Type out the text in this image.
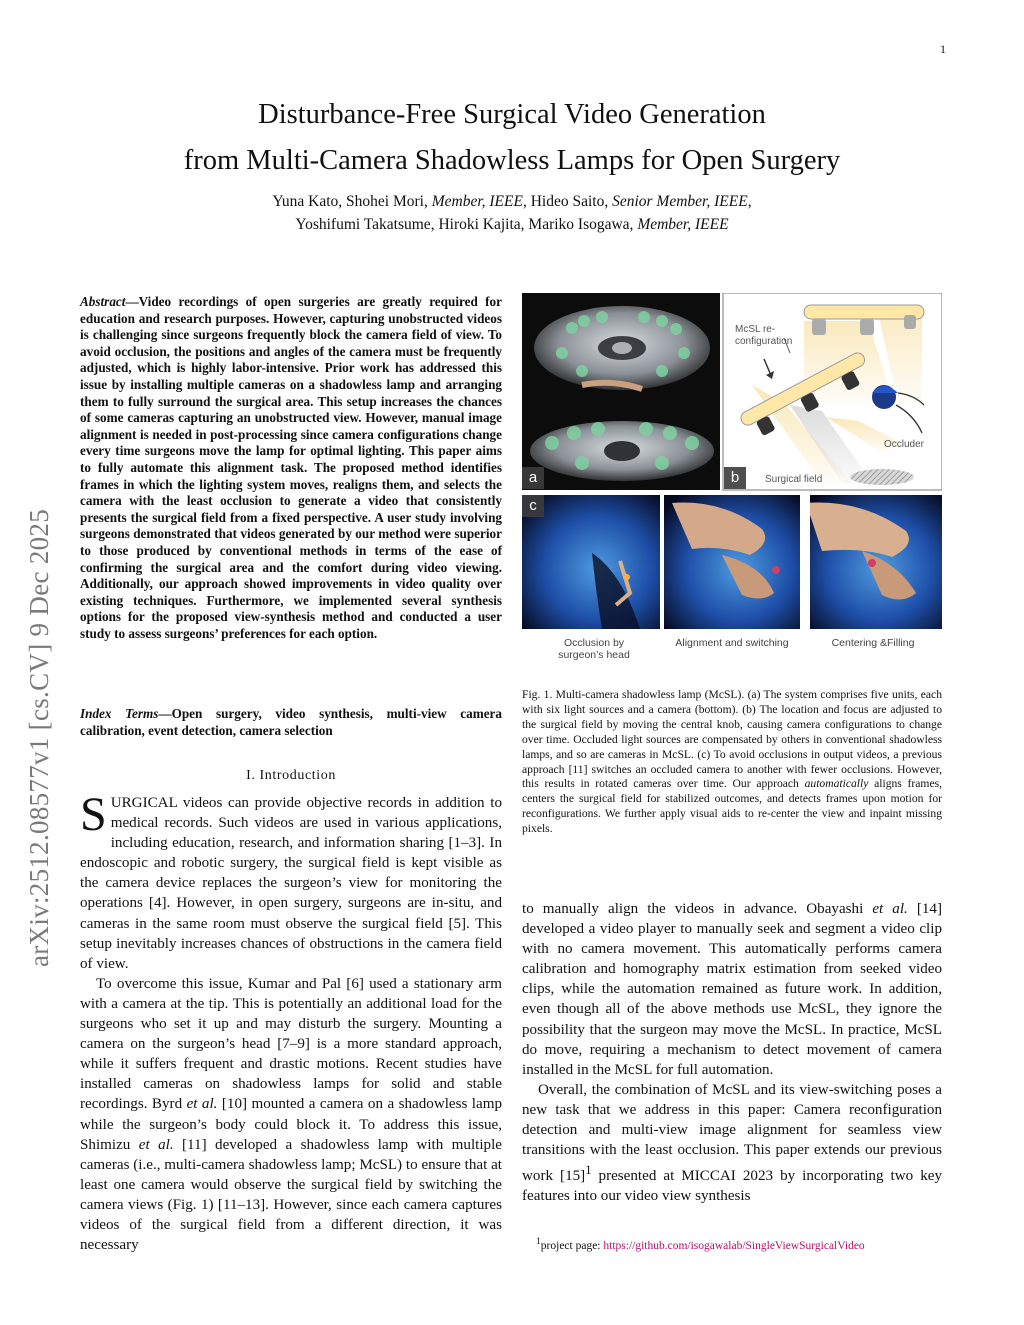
1
arXiv:2512.08577v1 [cs.CV] 9 Dec 2025
Disturbance-Free Surgical Video Generation
from Multi-Camera Shadowless Lamps for Open Surgery
Yuna Kato, Shohei Mori, Member, IEEE, Hideo Saito, Senior Member, IEEE,
Yoshifumi Takatsume, Hiroki Kajita, Mariko Isogawa, Member, IEEE
Abstract—Video recordings of open surgeries are greatly required for education and research purposes. However, capturing unobstructed videos is challenging since surgeons frequently block the camera field of view. To avoid occlusion, the positions and angles of the camera must be frequently adjusted, which is highly labor-intensive. Prior work has addressed this issue by installing multiple cameras on a shadowless lamp and arranging them to fully surround the surgical area. This setup increases the chances of some cameras capturing an unobstructed view. However, manual image alignment is needed in post-processing since camera configurations change every time surgeons move the lamp for optimal lighting. This paper aims to fully automate this alignment task. The proposed method identifies frames in which the lighting system moves, realigns them, and selects the camera with the least occlusion to generate a video that consistently presents the surgical field from a fixed perspective. A user study involving surgeons demonstrated that videos generated by our method were superior to those produced by conventional methods in terms of the ease of confirming the surgical area and the comfort during video viewing. Additionally, our approach showed improvements in video quality over existing techniques. Furthermore, we implemented several synthesis options for the proposed view-synthesis method and conducted a user study to assess surgeons’ preferences for each option.
Index Terms—Open surgery, video synthesis, multi-view camera calibration, event detection, camera selection
I. Introduction

SURGICAL videos can provide objective records in addition to medical records. Such videos are used in various applications, including education, research, and information sharing [1–3]. In endoscopic and robotic surgery, the surgical field is kept visible as the camera device replaces the surgeon’s view for monitoring the operations [4]. However, in open surgery, surgeons are in-situ, and cameras in the same room must observe the surgical field [5]. This setup inevitably increases chances of obstructions in the camera field of view.

To overcome this issue, Kumar and Pal [6] used a stationary arm with a camera at the tip. This is potentially an additional load for the surgeons who set it up and may disturb the surgery. Mounting a camera on the surgeon’s head [7–9] is a more standard approach, while it suffers frequent and drastic motions. Recent studies have installed cameras on shadowless lamps for solid and stable recordings. Byrd et al. [10] mounted a camera on a shadowless lamp while the surgeon’s body could block it. To address this issue, Shimizu et al. [11] developed a shadowless lamp with multiple cameras (i.e., multi-camera shadowless lamp; McSL) to ensure that at least one camera would observe the surgical field by switching the camera views (Fig. 1) [11–13]. However, since each camera captures videos of the surgical field from a different direction, it was necessary

McSL re-
configuration
Occluder
Surgical field
a	b
c
Occlusion by
surgeon’s head
Alignment and switching	Centering &Filling
Fig. 1. Multi-camera shadowless lamp (McSL). (a) The system comprises five units, each with six light sources and a camera (bottom). (b) The location and focus are adjusted to the surgical field by moving the central knob, causing camera configurations to change over time. Occluded light sources are compensated by others in conventional shadowless lamps, and so are cameras in McSL. (c) To avoid occlusions in output videos, a previous approach [11] switches an occluded camera to another with fewer occlusions. However, this results in rotated cameras over time. Our approach automatically aligns frames, centers the surgical field for stabilized outcomes, and detects frames upon motion for reconfigurations. We further apply visual aids to re-center the view and inpaint missing pixels.

to manually align the videos in advance. Obayashi et al. [14] developed a video player to manually seek and segment a video clip with no camera movement. This automatically performs camera calibration and homography matrix estimation from seeked video clips, while the automation remained as future work. In addition, even though all of the above methods use McSL, they ignore the possibility that the surgeon may move the McSL. In practice, McSL do move, requiring a mechanism to detect movement of camera installed in the McSL for full automation.

Overall, the combination of McSL and its view-switching poses a new task that we address in this paper: Camera reconfiguration detection and multi-view image alignment for seamless view transitions with the least occlusion. This paper extends our previous work $[15]^1$ presented at MICCAI 2023 by incorporating two key features into our video view synthesis

$^1$project page: https://github.com/isogawalab/SingleViewSurgicalVideo
